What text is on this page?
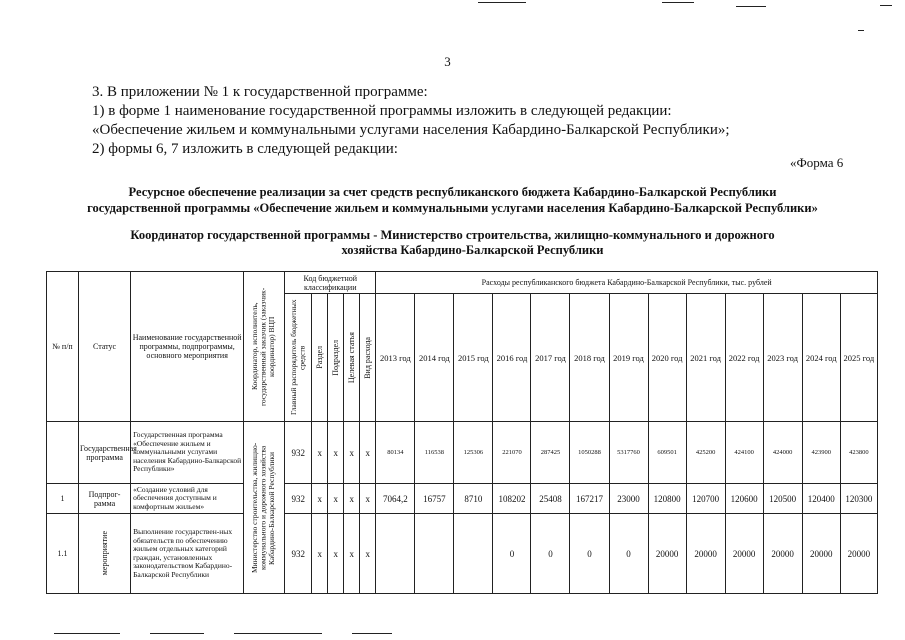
3
3. В приложении № 1 к государственной программе:
1) в форме 1 наименование государственной программы изложить в следующей редакции:
«Обеспечение жильем и коммунальными услугами населения Кабардино-Балкарской Республики»;
2) формы 6, 7 изложить в следующей редакции:
«Форма 6
Ресурсное обеспечение реализации за счет средств республиканского бюджета Кабардино-Балкарской Республики
государственной программы «Обеспечение жильем и коммунальными услугами населения Кабардино-Балкарской Республики»
Координатор государственной программы - Министерство строительства, жилищно-коммунального и дорожного
хозяйства Кабардино-Балкарской Республики
№ п/п	Статус	Наименование государственной программы, подпрограммы, основного мероприятия	Координатор, исполнитель, государственный заказчик (заказчик-координатор) ВЦП	Код бюджетной классификации					Расходы республиканского бюджета Кабардино-Балкарской Республики, тыс. рублей												

				Главный распорядитель бюджетных средств	Раздел	Подраздел	Целевая статья	Вид расхода	2013 год	2014 год	2015 год	2016 год	2017 год	2018 год	2019 год	2020 год	2021 год	2022 год	2023 год	2024 год	2025 год
	Государственная программа	Государственная программа «Обеспечение жильем и коммунальными услугами населения Кабардино-Балкарской Республики»	Министерство строительства, жилищно-коммунального и дорожного хозяйства Кабардино-Балкарской Республики	932	х	х	х	х	80134	116538	125306	221070	287425	1050288	5317760	609501	425200	424100	424000	423900	423800
1	Подпрог-рамма	«Создание условий для обеспечения доступным и комфортным жильем»		932	х	х	х	х	7064,2	16757	8710	108202	25408	167217	23000	120800	120700	120600	120500	120400	120300
1.1	мероприятие	Выполнение государствен-ных обязательств по обеспечению жильем отдельных категорий граждан, установленных законодательством Кабардино-Балкарской Республики		932	х	х	х	х				0	0	0	0	20000	20000	20000	20000	20000	20000
